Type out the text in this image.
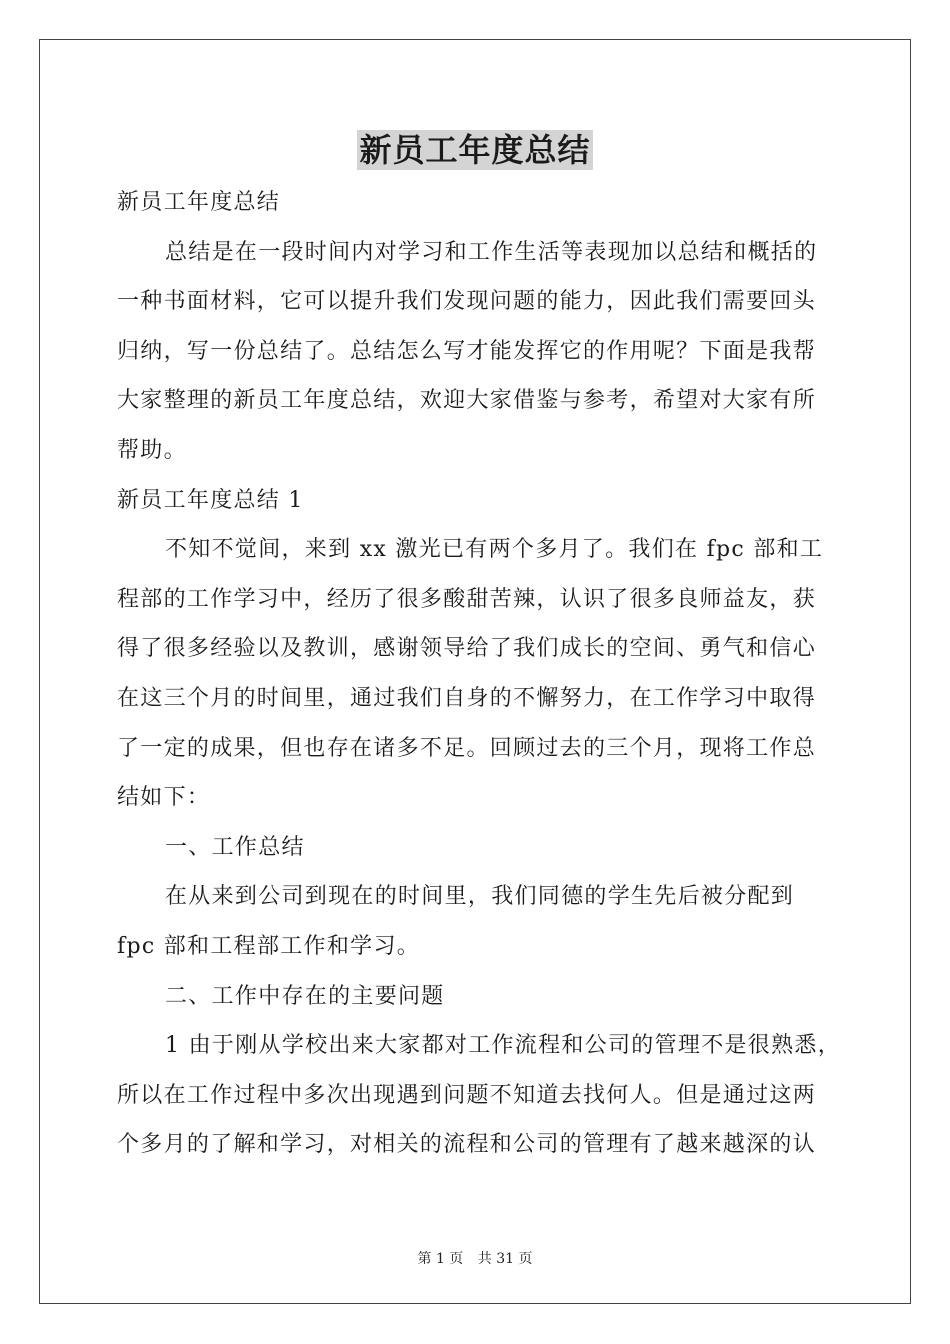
新员工年度总结
新员工年度总结
总结是在一段时间内对学习和工作生活等表现加以总结和概括的
一种书面材料，它可以提升我们发现问题的能力，因此我们需要回头
归纳，写一份总结了。总结怎么写才能发挥它的作用呢？下面是我帮
大家整理的新员工年度总结，欢迎大家借鉴与参考，希望对大家有所
帮助。
新员工年度总结 1
不知不觉间，来到 xx 激光已有两个多月了。我们在 fpc 部和工
程部的工作学习中，经历了很多酸甜苦辣，认识了很多良师益友，获
得了很多经验以及教训，感谢领导给了我们成长的空间、勇气和信心
在这三个月的时间里，通过我们自身的不懈努力，在工作学习中取得
了一定的成果，但也存在诸多不足。回顾过去的三个月，现将工作总
结如下：
一、工作总结
在从来到公司到现在的时间里，我们同德的学生先后被分配到
fpc 部和工程部工作和学习。
二、工作中存在的主要问题
1 由于刚从学校出来大家都对工作流程和公司的管理不是很熟悉，
所以在工作过程中多次出现遇到问题不知道去找何人。但是通过这两
个多月的了解和学习，对相关的流程和公司的管理有了越来越深的认
第 1 页 共 31 页
